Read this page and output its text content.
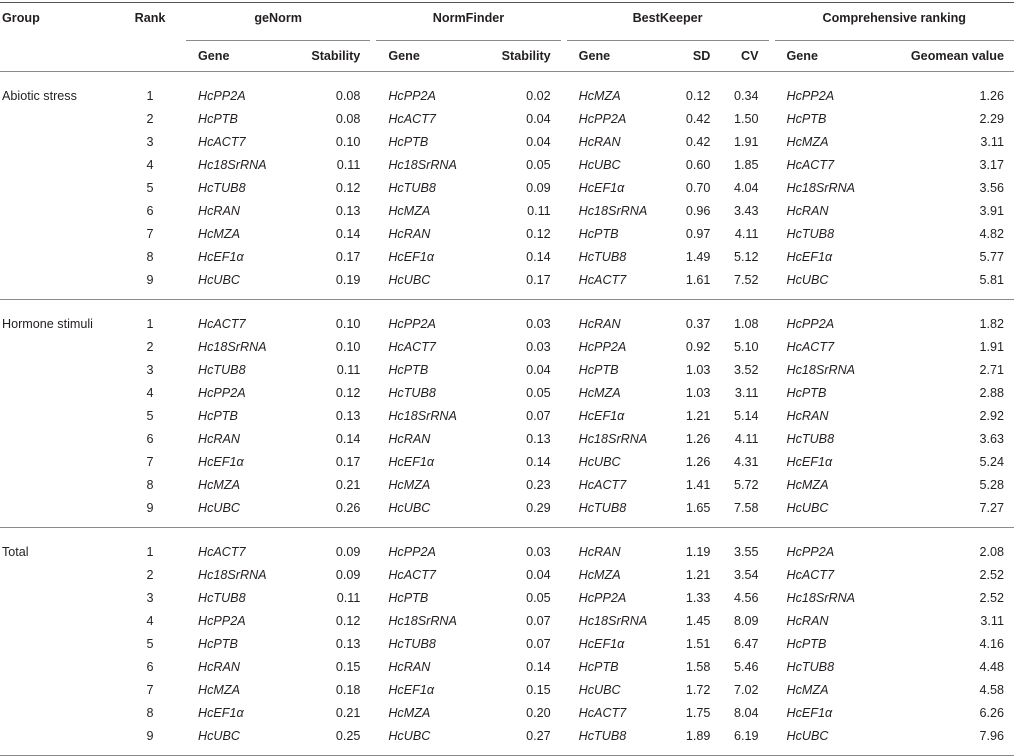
Group	Rank	geNorm			NormFinder			BestKeeper				Comprehensive ranking	
		Gene	Stability		Gene	Stability		Gene	SD	CV		Gene	Geomean value
Abiotic stress	1	HcPP2A	0.08		HcPP2A	0.02		HcMZA	0.12	0.34		HcPP2A	1.26
	2	HcPTB	0.08		HcACT7	0.04		HcPP2A	0.42	1.50		HcPTB	2.29
	3	HcACT7	0.10		HcPTB	0.04		HcRAN	0.42	1.91		HcMZA	3.11
	4	Hc18SrRNA	0.11		Hc18SrRNA	0.05		HcUBC	0.60	1.85		HcACT7	3.17
	5	HcTUB8	0.12		HcTUB8	0.09		HcEF1α	0.70	4.04		Hc18SrRNA	3.56
	6	HcRAN	0.13		HcMZA	0.11		Hc18SrRNA	0.96	3.43		HcRAN	3.91
	7	HcMZA	0.14		HcRAN	0.12		HcPTB	0.97	4.11		HcTUB8	4.82
	8	HcEF1α	0.17		HcEF1α	0.14		HcTUB8	1.49	5.12		HcEF1α	5.77
	9	HcUBC	0.19		HcUBC	0.17		HcACT7	1.61	7.52		HcUBC	5.81
Hormone stimuli	1	HcACT7	0.10		HcPP2A	0.03		HcRAN	0.37	1.08		HcPP2A	1.82
	2	Hc18SrRNA	0.10		HcACT7	0.03		HcPP2A	0.92	5.10		HcACT7	1.91
	3	HcTUB8	0.11		HcPTB	0.04		HcPTB	1.03	3.52		Hc18SrRNA	2.71
	4	HcPP2A	0.12		HcTUB8	0.05		HcMZA	1.03	3.11		HcPTB	2.88
	5	HcPTB	0.13		Hc18SrRNA	0.07		HcEF1α	1.21	5.14		HcRAN	2.92
	6	HcRAN	0.14		HcRAN	0.13		Hc18SrRNA	1.26	4.11		HcTUB8	3.63
	7	HcEF1α	0.17		HcEF1α	0.14		HcUBC	1.26	4.31		HcEF1α	5.24
	8	HcMZA	0.21		HcMZA	0.23		HcACT7	1.41	5.72		HcMZA	5.28
	9	HcUBC	0.26		HcUBC	0.29		HcTUB8	1.65	7.58		HcUBC	7.27
Total	1	HcACT7	0.09		HcPP2A	0.03		HcRAN	1.19	3.55		HcPP2A	2.08
	2	Hc18SrRNA	0.09		HcACT7	0.04		HcMZA	1.21	3.54		HcACT7	2.52
	3	HcTUB8	0.11		HcPTB	0.05		HcPP2A	1.33	4.56		Hc18SrRNA	2.52
	4	HcPP2A	0.12		Hc18SrRNA	0.07		Hc18SrRNA	1.45	8.09		HcRAN	3.11
	5	HcPTB	0.13		HcTUB8	0.07		HcEF1α	1.51	6.47		HcPTB	4.16
	6	HcRAN	0.15		HcRAN	0.14		HcPTB	1.58	5.46		HcTUB8	4.48
	7	HcMZA	0.18		HcEF1α	0.15		HcUBC	1.72	7.02		HcMZA	4.58
	8	HcEF1α	0.21		HcMZA	0.20		HcACT7	1.75	8.04		HcEF1α	6.26
	9	HcUBC	0.25		HcUBC	0.27		HcTUB8	1.89	6.19		HcUBC	7.96
